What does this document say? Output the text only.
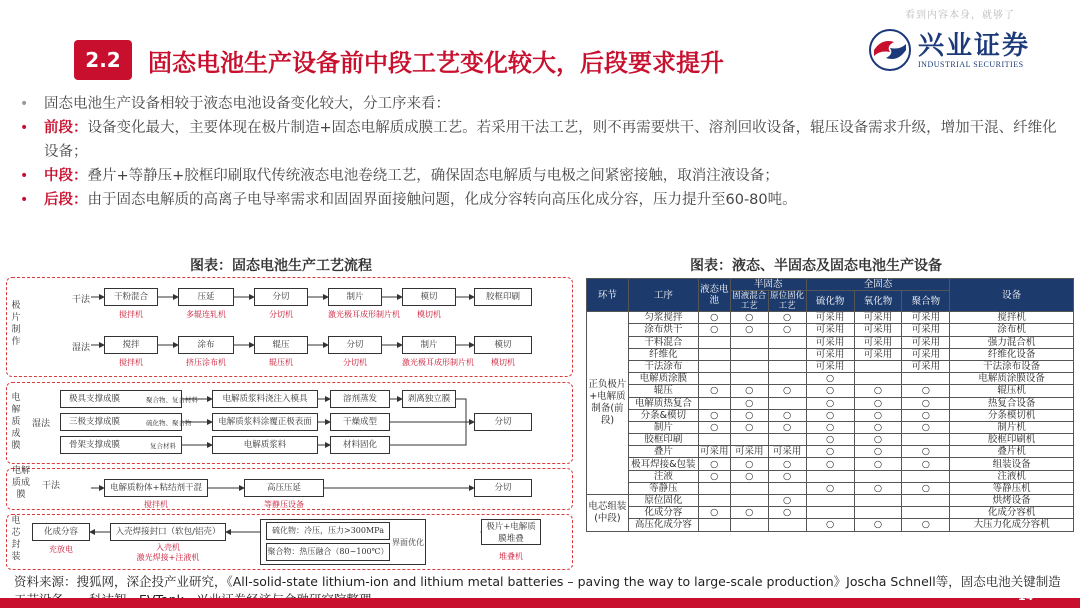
看到内容本身，就够了
2.2	固态电池生产设备前中段工艺变化较大，后段要求提升
兴业证券
INDUSTRIAL SECURITIES
• 固态电池生产设备相较于液态电池设备变化较大，分工序来看：
• 前段：设备变化最大，主要体现在极片制造+固态电解质成膜工艺。若采用干法工艺，则不再需要烘干、溶剂回收设备，辊压设备需求升级，增加干混、纤维化设备；
• 中段：叠片+等静压+胶框印刷取代传统液态电池卷绕工艺，确保固态电解质与电极之间紧密接触，取消注液设备；
• 后段：由于固态电解质的高离子电导率需求和固固界面接触问题，化成分容转向高压化成分容，压力提升至60-80吨。
图表：固态电池生产工艺流程	图表：液态、半固态及固态电池生产设备
极片制作
干法	干粉混合	压延	分切	制片	模切	胶框印刷
搅拌机	多辊连轧机	分切机	激光极耳成形制片机	模切机
湿法	搅拌	涂布	辊压	分切	制片	模切
搅拌机	挤压涂布机	辊压机	分切机	激光极耳成形制片机	模切机
电解质成膜
湿法
极具支撑成膜	聚合物、复合材料
三极支撑成膜	硫化物、聚合物
骨架支撑成膜	复合材料
电解质浆料浇注入模具
电解质浆料涂覆正极表面
电解质浆料
溶剂蒸发	剥离独立膜
干燥成型
材料固化
分切
电解质成膜
干法	电解质粉体+粘结剂干混	高压压延	分切
搅拌机	等静压设备
电芯封装
化成分容
充放电
入壳焊接封口（软包/铝壳）
入壳机
激光焊接+注液机
硫化物：冷压，压力>300MPa
聚合物：热压融合（80~100℃）
界面优化
极片+电解质膜堆叠
堆叠机
环节	工序	液态电池	半固态		全固态			设备
			固液混合工艺	原位固化工艺	硫化物	氧化物	聚合物	
正负极片+电解质制备(前段)	匀浆搅拌	○	○	○	可采用	可采用	可采用	搅拌机
	涂布烘干	○	○	○	可采用	可采用	可采用	涂布机
	干料混合				可采用	可采用	可采用	强力混合机
	纤维化				可采用	可采用	可采用	纤维化设备
	干法涂布				可采用		可采用	干法涂布设备
	电解质涂膜				○			电解质涂膜设备
	辊压	○	○	○	○	○	○	辊压机
	电解质热复合		○		○	○	○	热复合设备
	分条&模切	○	○	○	○	○	○	分条模切机
	制片	○	○	○	○	○	○	制片机
	胶框印刷				○	○		胶框印刷机
	叠片	可采用	可采用	可采用	○	○	○	叠片机
	极耳焊接&包装	○	○	○	○	○	○	组装设备
	注液	○	○	○				注液机
	等静压				○	○	○	等静压机
电芯组装(中段)	原位固化			○				烘烤设备
	化成分容	○	○	○				化成分容机
	高压化成分容				○	○	○	大压力化成分容机
资料来源：搜狐网，深企投产业研究，《All-solid-state lithium-ion and lithium metal batteries – paving the way to large-scale production》Joscha Schnell等，固态电池关键制造
14
